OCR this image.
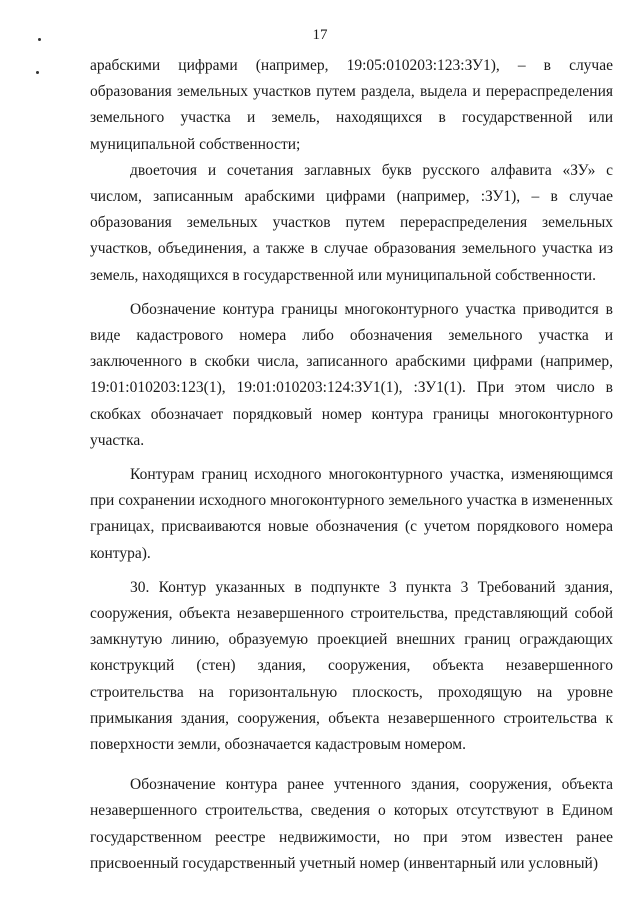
17

арабскими цифрами (например, 19:05:010203:123:ЗУ1), – в случае образования земельных участков путем раздела, выдела и перераспределения земельного участка и земель, находящихся в государственной или муниципальной собственности;

двоеточия и сочетания заглавных букв русского алфавита «ЗУ» с числом, записанным арабскими цифрами (например, :ЗУ1), – в случае образования земельных участков путем перераспределения земельных участков, объединения, а также в случае образования земельного участка из земель, находящихся в государственной или муниципальной собственности.

Обозначение контура границы многоконтурного участка приводится в виде кадастрового номера либо обозначения земельного участка и заключенного в скобки числа, записанного арабскими цифрами (например, 19:01:010203:123(1), 19:01:010203:124:ЗУ1(1), :ЗУ1(1). При этом число в скобках обозначает порядковый номер контура границы многоконтурного участка.

Контурам границ исходного многоконтурного участка, изменяющимся при сохранении исходного многоконтурного земельного участка в измененных границах, присваиваются новые обозначения (с учетом порядкового номера контура).

30. Контур указанных в подпункте 3 пункта 3 Требований здания, сооружения, объекта незавершенного строительства, представляющий собой замкнутую линию, образуемую проекцией внешних границ ограждающих конструкций (стен) здания, сооружения, объекта незавершенного строительства на горизонтальную плоскость, проходящую на уровне примыкания здания, сооружения, объекта незавершенного строительства к поверхности земли, обозначается кадастровым номером.

Обозначение контура ранее учтенного здания, сооружения, объекта незавершенного строительства, сведения о которых отсутствуют в Едином государственном реестре недвижимости, но при этом известен ранее присвоенный государственный учетный номер (инвентарный или условный)
